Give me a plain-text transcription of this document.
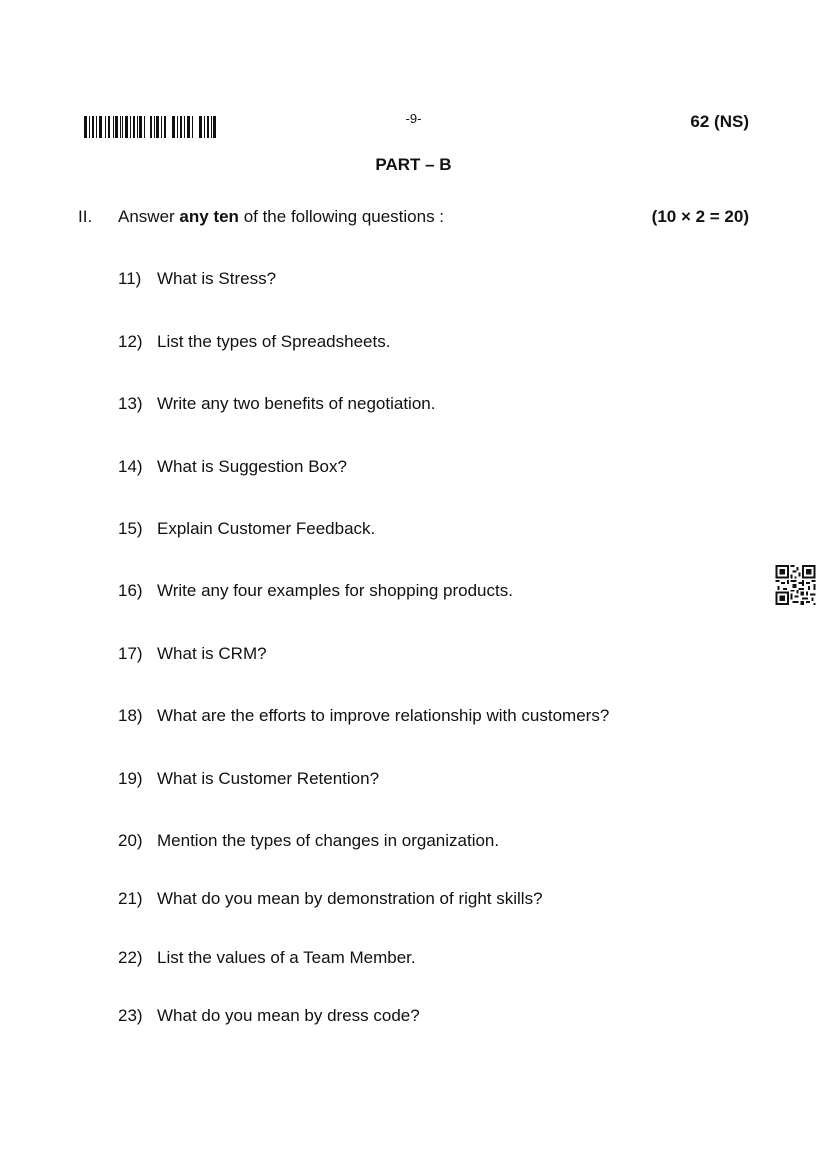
-9-	62 (NS)
PART – B
II. Answer any ten of the following questions :	(10 × 2 = 20)
11) What is Stress?
12) List the types of Spreadsheets.
13) Write any two benefits of negotiation.
14) What is Suggestion Box?
15) Explain Customer Feedback.
16) Write any four examples for shopping products.
17) What is CRM?
18) What are the efforts to improve relationship with customers?
19) What is Customer Retention?
20) Mention the types of changes in organization.
21) What do you mean by demonstration of right skills?
22) List the values of a Team Member.
23) What do you mean by dress code?
